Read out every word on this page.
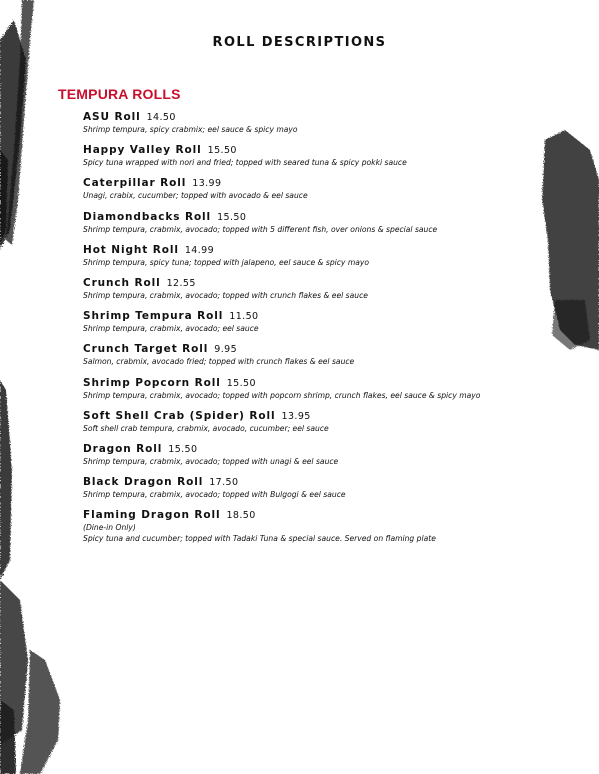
ROLL DESCRIPTIONS
TEMPURA ROLLS
ASU Roll 14.50
Shrimp tempura, spicy crabmix; eel sauce & spicy mayo
Happy Valley Roll 15.50
Spicy tuna wrapped with nori and fried; topped with seared tuna & spicy pokki sauce
Caterpillar Roll 13.99
Unagi, crabix, cucumber; topped with avocado & eel sauce
Diamondbacks Roll 15.50
Shrimp tempura, crabmix, avocado; topped with 5 different fish, over onions & special sauce
Hot Night Roll 14.99
Shrimp tempura, spicy tuna; topped with jalapeno, eel sauce & spicy mayo
Crunch Roll 12.55
Shrimp tempura, crabmix, avocado; topped with crunch flakes & eel sauce
Shrimp Tempura Roll 11.50
Shrimp tempura, crabmix, avocado; eel sauce
Crunch Target Roll 9.95
Salmon, crabmix, avocado fried; topped with crunch flakes & eel sauce
Shrimp Popcorn Roll 15.50
Shrimp tempura, crabmix, avocado; topped with popcorn shrimp, crunch flakes, eel sauce & spicy mayo
Soft Shell Crab (Spider) Roll 13.95
Soft shell crab tempura, crabmix, avocado, cucumber; eel sauce
Dragon Roll 15.50
Shrimp tempura, crabmix, avocado; topped with unagi & eel sauce
Black Dragon Roll 17.50
Shrimp tempura, crabmix, avocado; topped with Bulgogi & eel sauce
Flaming Dragon Roll 18.50
(Dine-in Only)
Spicy tuna and cucumber; topped with Tadaki Tuna & special sauce. Served on flaming plate
